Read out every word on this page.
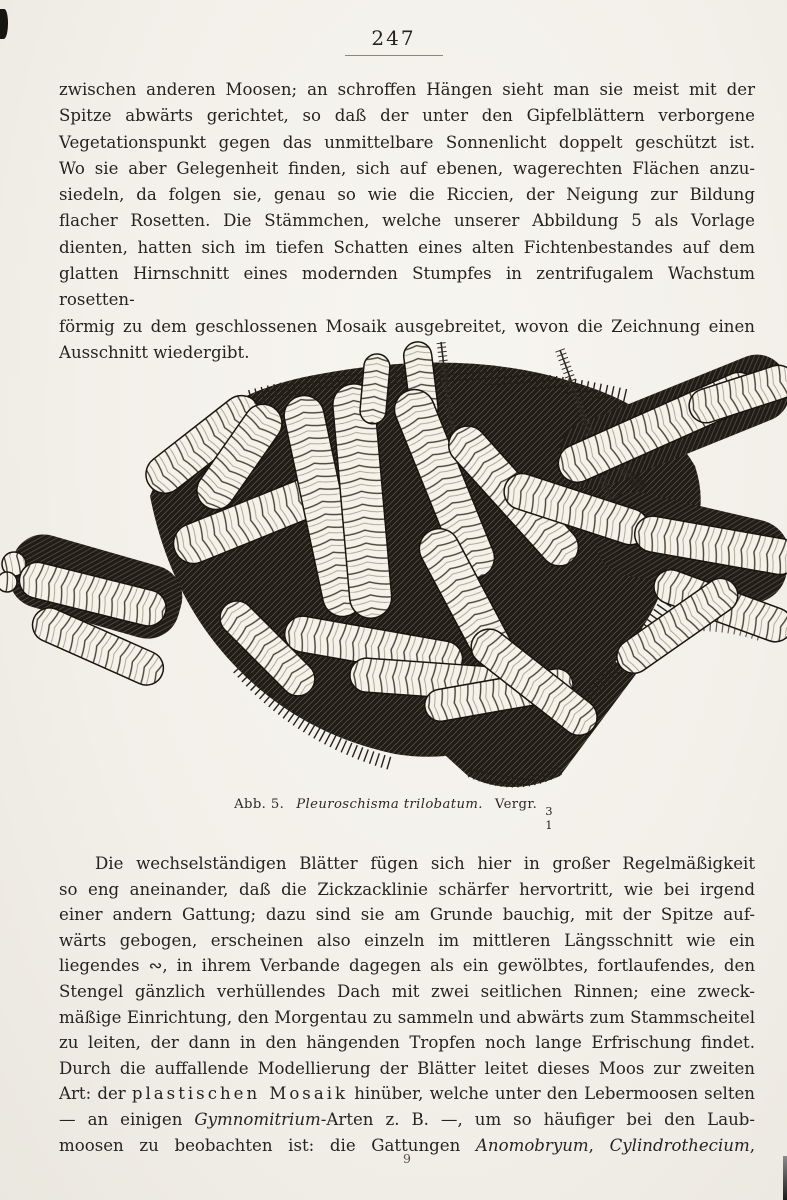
247
zwischen anderen Moosen; an schroffen Hängen sieht man sie meist mit der
Spitze abwärts gerichtet, so daß der unter den Gipfelblättern verborgene
Vegetationspunkt gegen das unmittelbare Sonnenlicht doppelt geschützt ist.
Wo sie aber Gelegenheit finden, sich auf ebenen, wagerechten Flächen anzu-
siedeln, da folgen sie, genau so wie die Riccien, der Neigung zur Bildung
flacher Rosetten. Die Stämmchen, welche unserer Abbildung 5 als Vorlage
dienten, hatten sich im tiefen Schatten eines alten Fichtenbestandes auf dem
glatten Hirnschnitt eines modernden Stumpfes in zentrifugalem Wachstum rosetten-
förmig zu dem geschlossenen Mosaik ausgebreitet, wovon die Zeichnung einen
Ausschnitt wiedergibt.
Abb. 5. Pleuroschisma trilobatum. Vergr. 3
1
Die wechselständigen Blätter fügen sich hier in großer Regelmäßigkeit
so eng aneinander, daß die Zickzacklinie schärfer hervortritt, wie bei irgend
einer andern Gattung; dazu sind sie am Grunde bauchig, mit der Spitze auf-
wärts gebogen, erscheinen also einzeln im mittleren Längsschnitt wie ein
liegendes ∾, in ihrem Verbande dagegen als ein gewölbtes, fortlaufendes, den
Stengel gänzlich verhüllendes Dach mit zwei seitlichen Rinnen; eine zweck-
mäßige Einrichtung, den Morgentau zu sammeln und abwärts zum Stammscheitel
zu leiten, der dann in den hängenden Tropfen noch lange Erfrischung findet.
Durch die auffallende Modellierung der Blätter leitet dieses Moos zur zweiten
Art: der plastischen Mosaik hinüber, welche unter den Lebermoosen selten
— an einigen Gymnomitrium-Arten z. B. —, um so häufiger bei den Laub-
moosen zu beobachten ist: die Gattungen Anomobryum, Cylindrothecium,
9
